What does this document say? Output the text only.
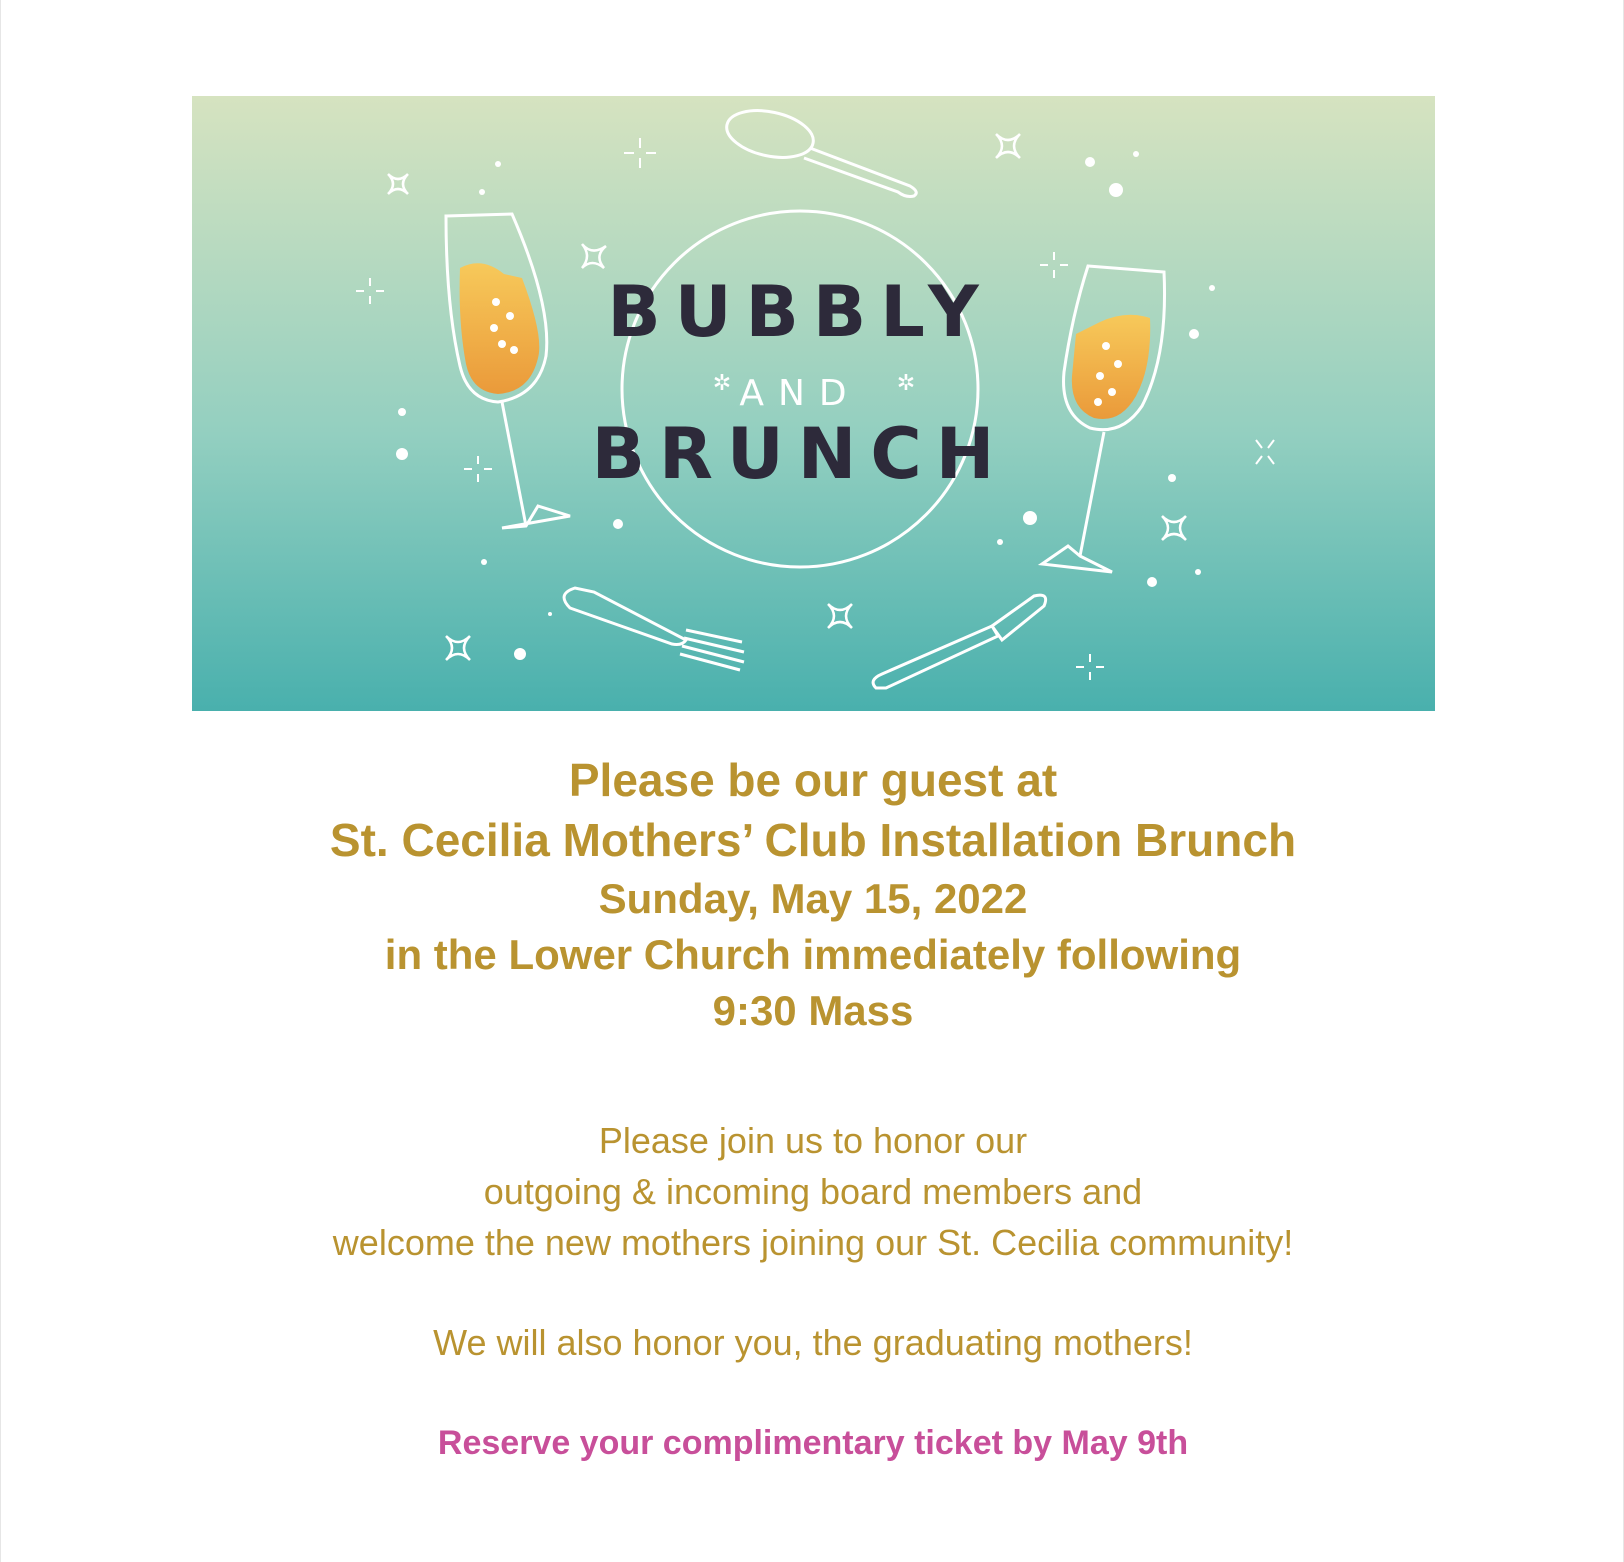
BUBBLY
AND
✲	✲
BRUNCH

Please be our guest at

St. Cecilia Mothers’ Club Installation Brunch

Sunday, May 15, 2022

in the Lower Church immediately following

9:30 Mass

Please join us to honor our

outgoing & incoming board members and

welcome the new mothers joining our St. Cecilia community!

We will also honor you, the graduating mothers!

Reserve your complimentary ticket by May 9th
